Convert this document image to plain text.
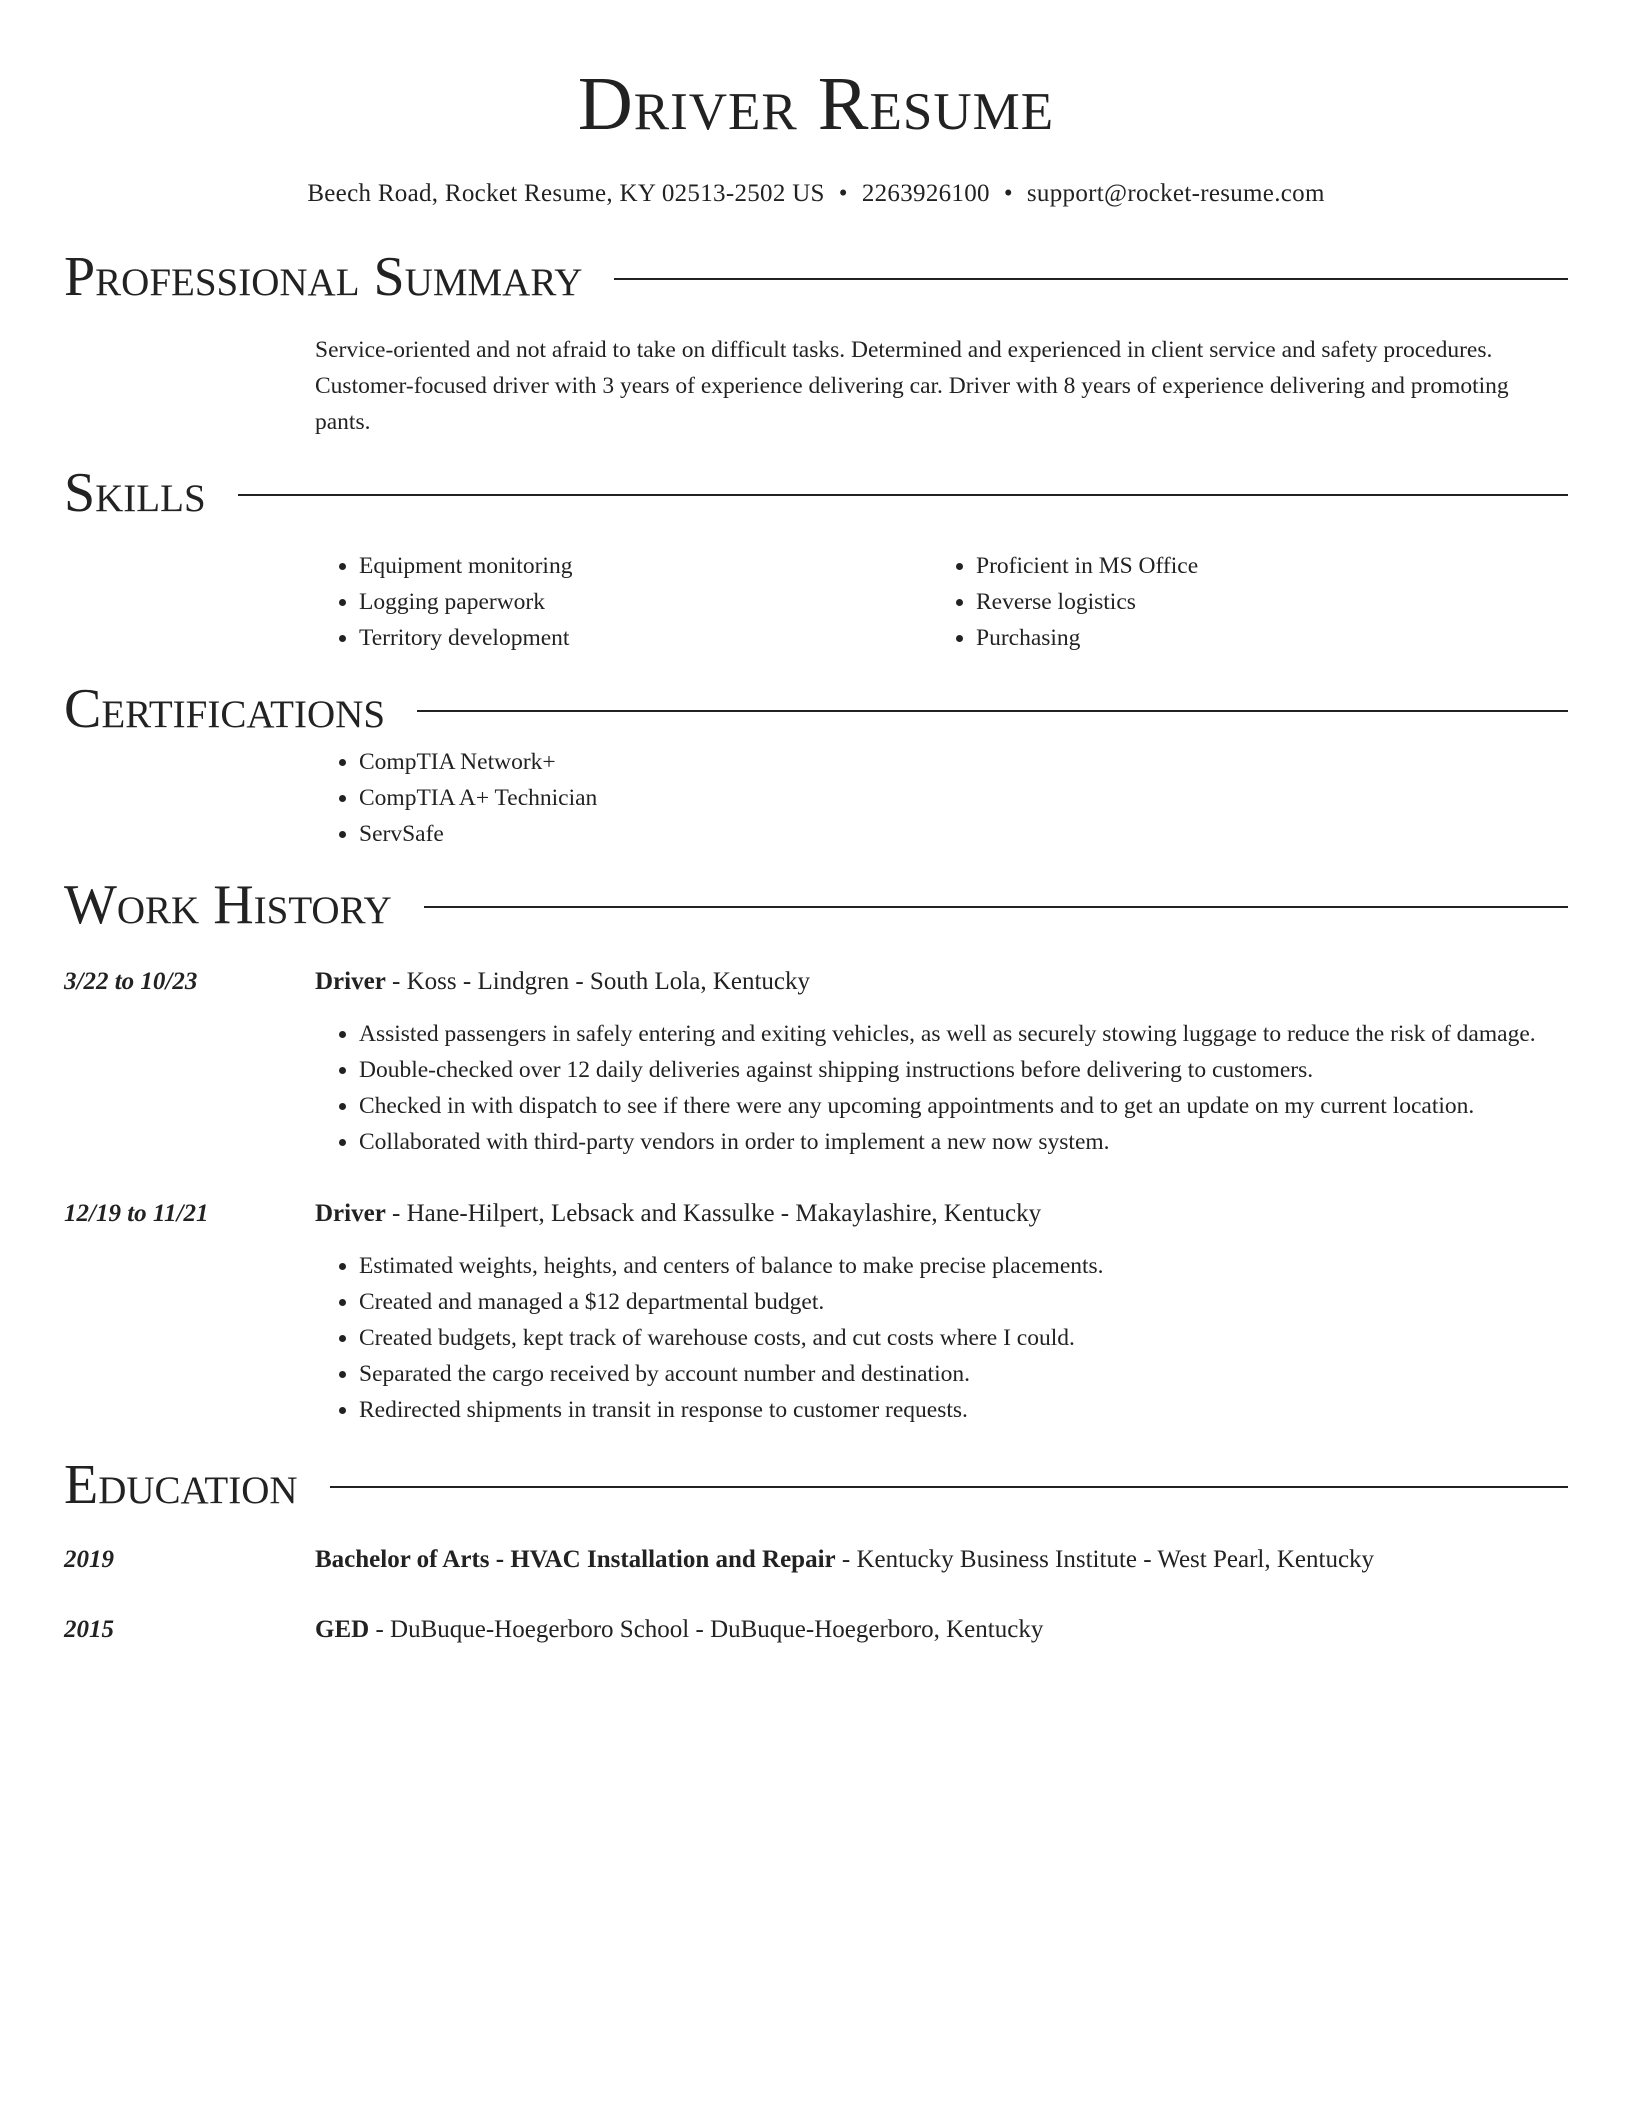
Driver Resume
Beech Road, Rocket Resume, KY 02513-2502 US • 2263926100 • support@rocket-resume.com
Professional Summary

Service-oriented and not afraid to take on difficult tasks. Determined and experienced in client service and safety procedures. Customer-focused driver with 3 years of experience delivering car. Driver with 8 years of experience delivering and promoting pants.

Skills
• Equipment monitoring
• Logging paperwork
• Territory development
• Proficient in MS Office
• Reverse logistics
• Purchasing
Certifications
• CompTIA Network+
• CompTIA A+ Technician
• ServSafe
Work History
3/22 to 10/23	Driver - Koss - Lindgren - South Lola, Kentucky
• Assisted passengers in safely entering and exiting vehicles, as well as securely stowing luggage to reduce the risk of damage.
• Double-checked over 12 daily deliveries against shipping instructions before delivering to customers.
• Checked in with dispatch to see if there were any upcoming appointments and to get an update on my current location.
• Collaborated with third-party vendors in order to implement a new now system.
12/19 to 11/21	Driver - Hane-Hilpert, Lebsack and Kassulke - Makaylashire, Kentucky
• Estimated weights, heights, and centers of balance to make precise placements.
• Created and managed a $12 departmental budget.
• Created budgets, kept track of warehouse costs, and cut costs where I could.
• Separated the cargo received by account number and destination.
• Redirected shipments in transit in response to customer requests.
Education
2019	Bachelor of Arts - HVAC Installation and Repair - Kentucky Business Institute - West Pearl, Kentucky
2015	GED - DuBuque-Hoegerboro School - DuBuque-Hoegerboro, Kentucky
